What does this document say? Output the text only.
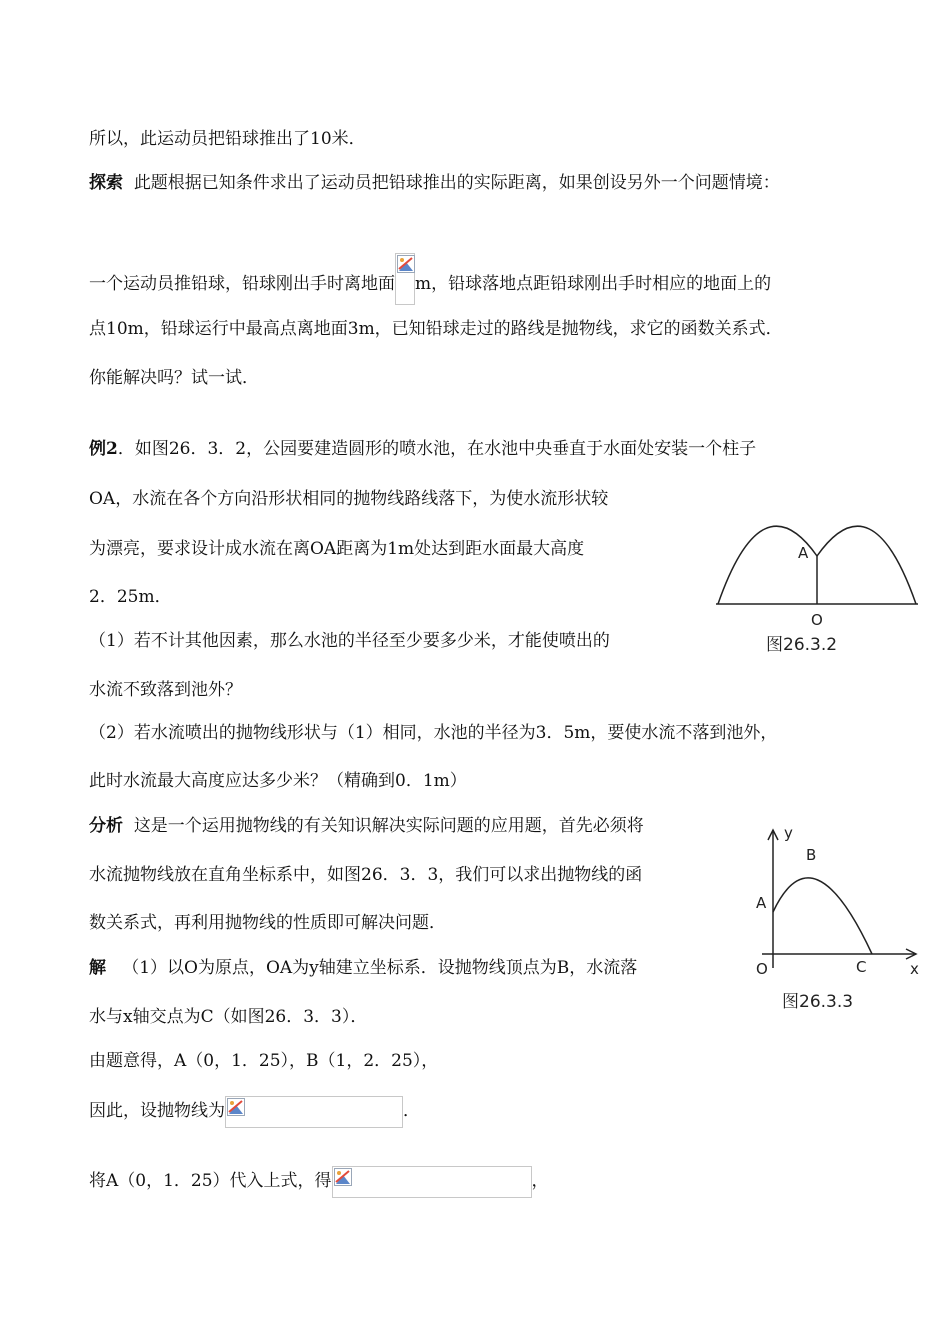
所以，此运动员把铅球推出了10米．
探索 此题根据已知条件求出了运动员把铅球推出的实际距离，如果创设另外一个问题情境：
一个运动员推铅球，铅球刚出手时离地面 m，铅球落地点距铅球刚出手时相应的地面上的
点10m，铅球运行中最高点离地面3m，已知铅球走过的路线是抛物线，求它的函数关系式．
你能解决吗？试一试．
例2．如图26．3．2，公园要建造圆形的喷水池，在水池中央垂直于水面处安装一个柱子
OA，水流在各个方向沿形状相同的抛物线路线落下，为使水流形状较
为漂亮，要求设计成水流在离OA距离为1m处达到距水面最大高度
2．25m．
（1）若不计其他因素，那么水池的半径至少要多少米，才能使喷出的
水流不致落到池外？
（2）若水流喷出的抛物线形状与（1）相同，水池的半径为3．5m，要使水流不落到池外，
此时水流最大高度应达多少米？（精确到0．1m）
分析 这是一个运用抛物线的有关知识解决实际问题的应用题，首先必须将
水流抛物线放在直角坐标系中，如图26．3．3，我们可以求出抛物线的函
数关系式，再利用抛物线的性质即可解决问题．
解 （1）以O为原点，OA为y轴建立坐标系．设抛物线顶点为B，水流落
水与x轴交点为C（如图26．3．3）．
由题意得，A（0，1．25），B（1，2．25），
因此，设抛物线为	．
将A（0，1．25）代入上式，得	，
A
O
图26.3.2
y
B
A
O	C	x
图26.3.3
